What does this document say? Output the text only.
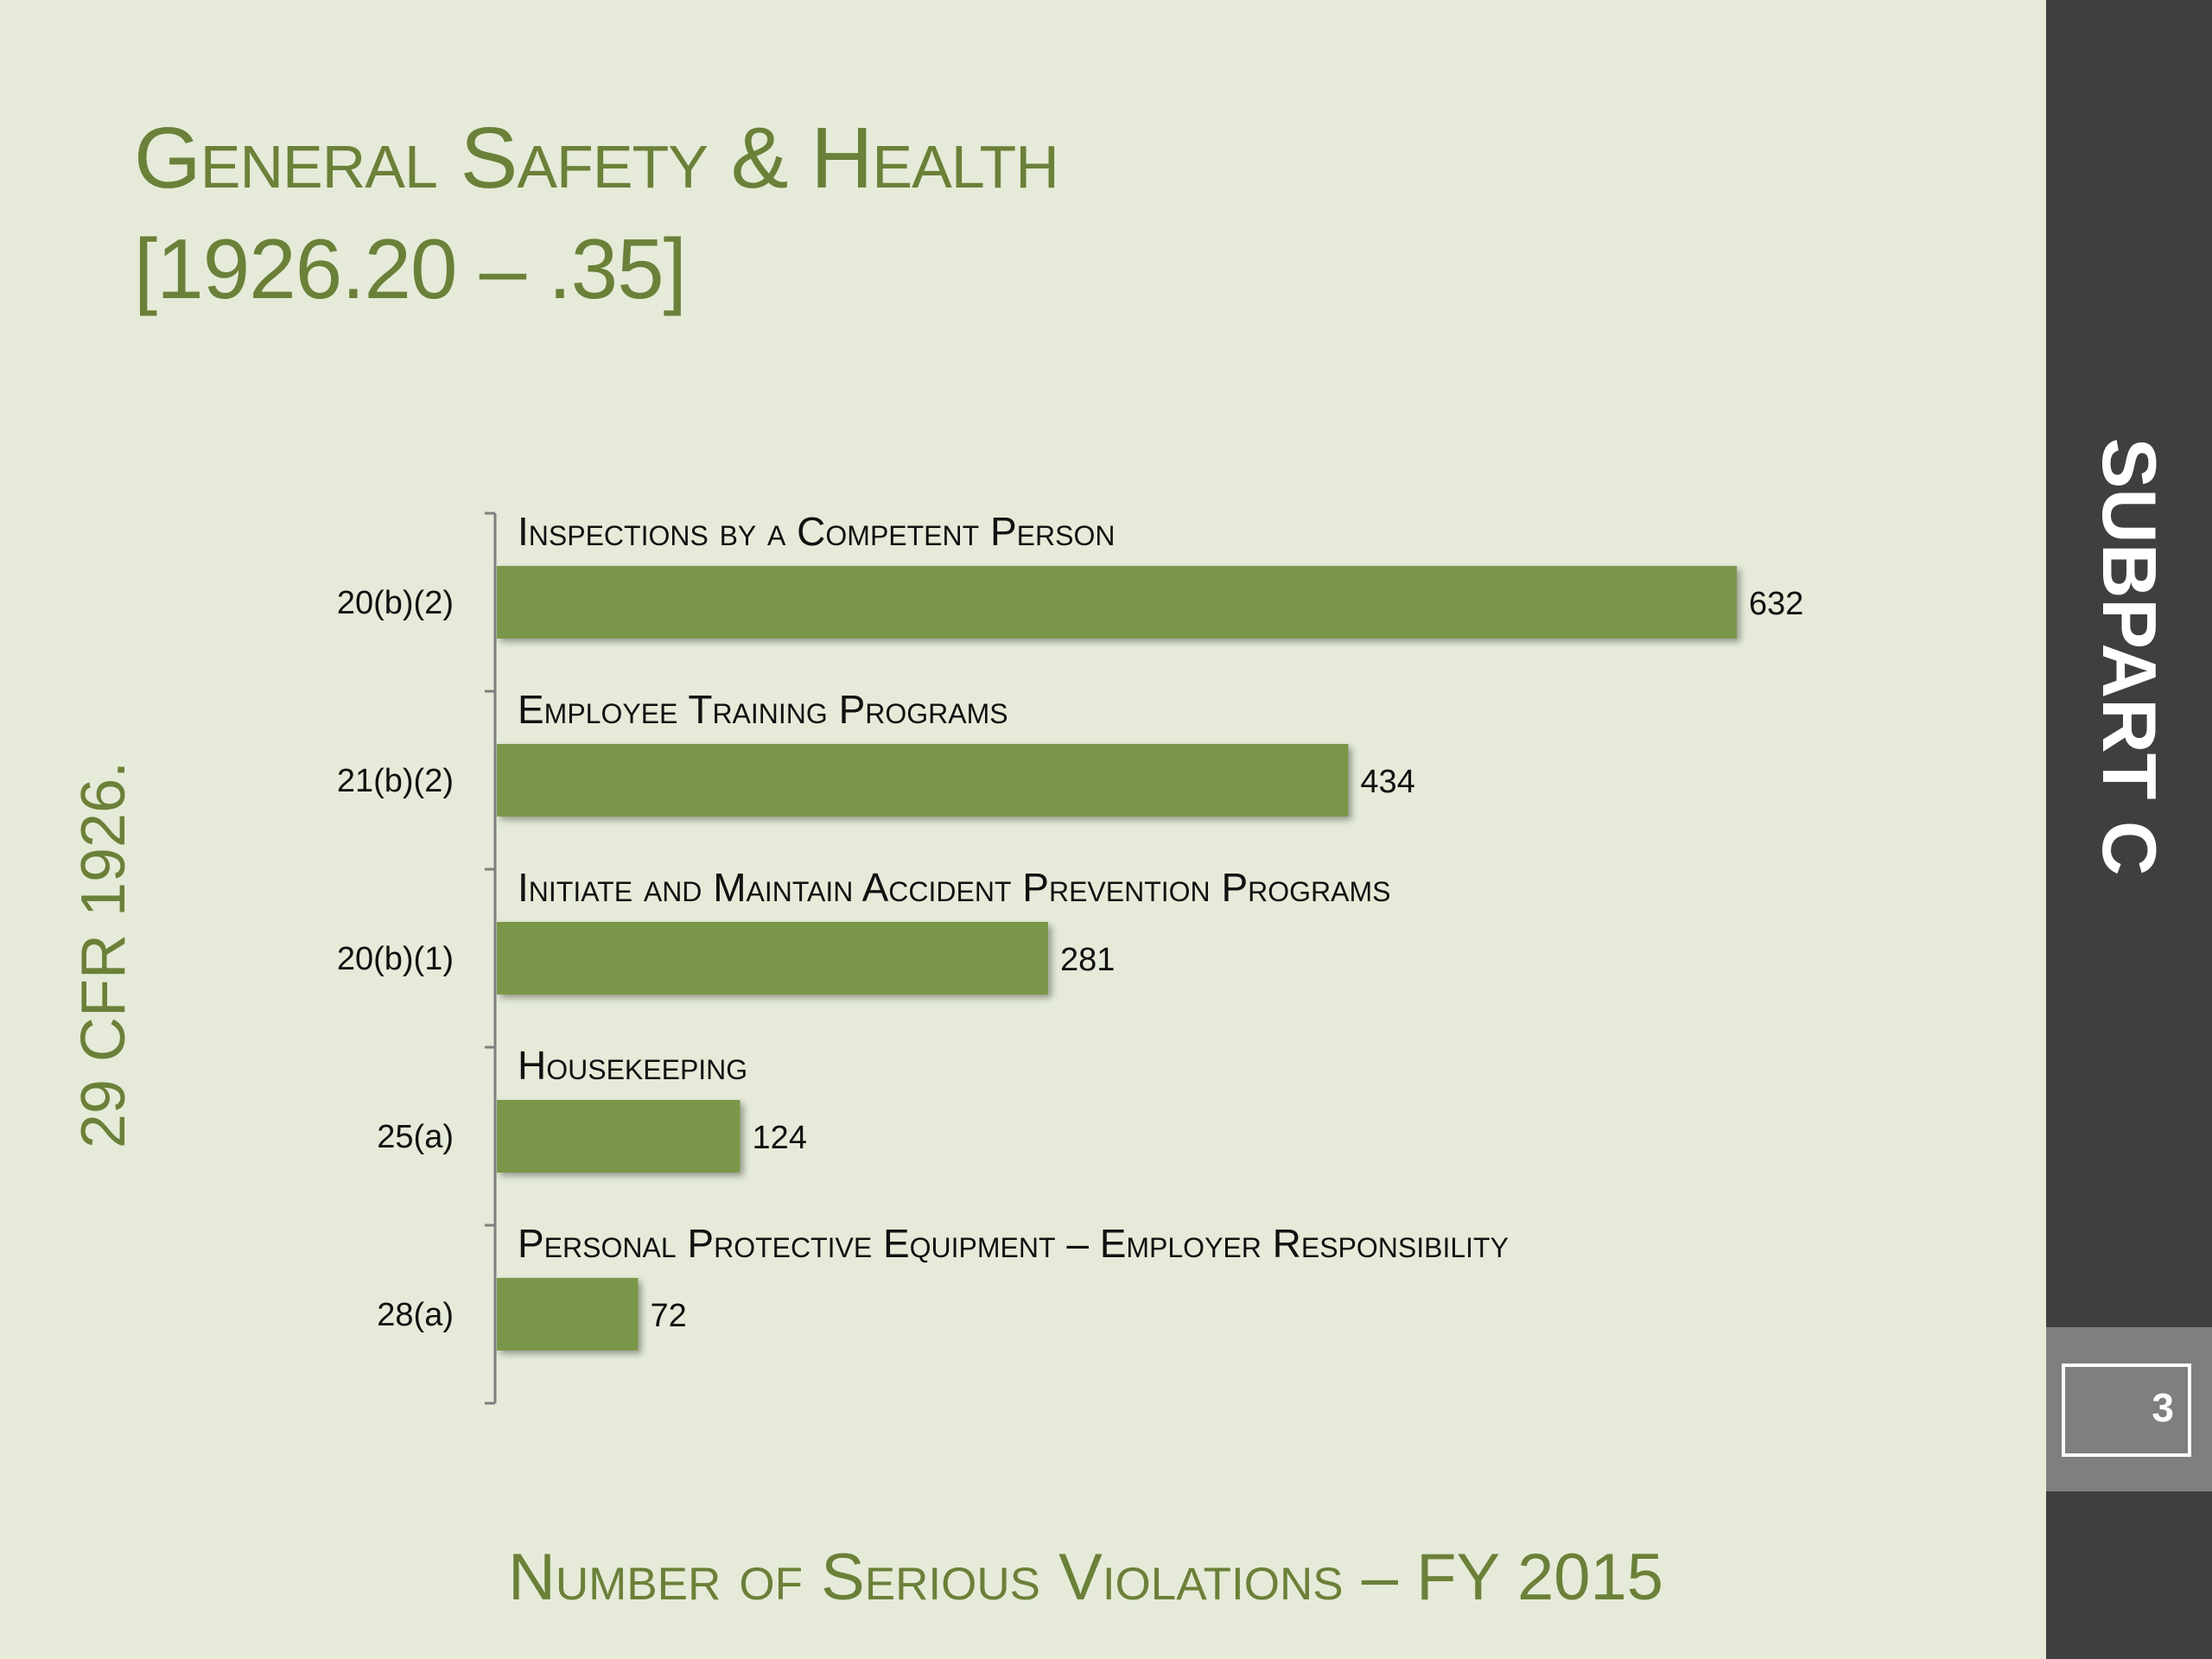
General Safety & Health
[1926.20 – .35]
29 CFR 1926.
Inspections by a Competent Person
20(b)(2)	632
Employee Training Programs
21(b)(2)	434
Initiate and Maintain Accident Prevention Programs
20(b)(1)	281
Housekeeping
25(a)	124
Personal Protective Equipment – Employer Responsibility
28(a)	72
Number of Serious Violations – FY 2015
SUBPART C
3
